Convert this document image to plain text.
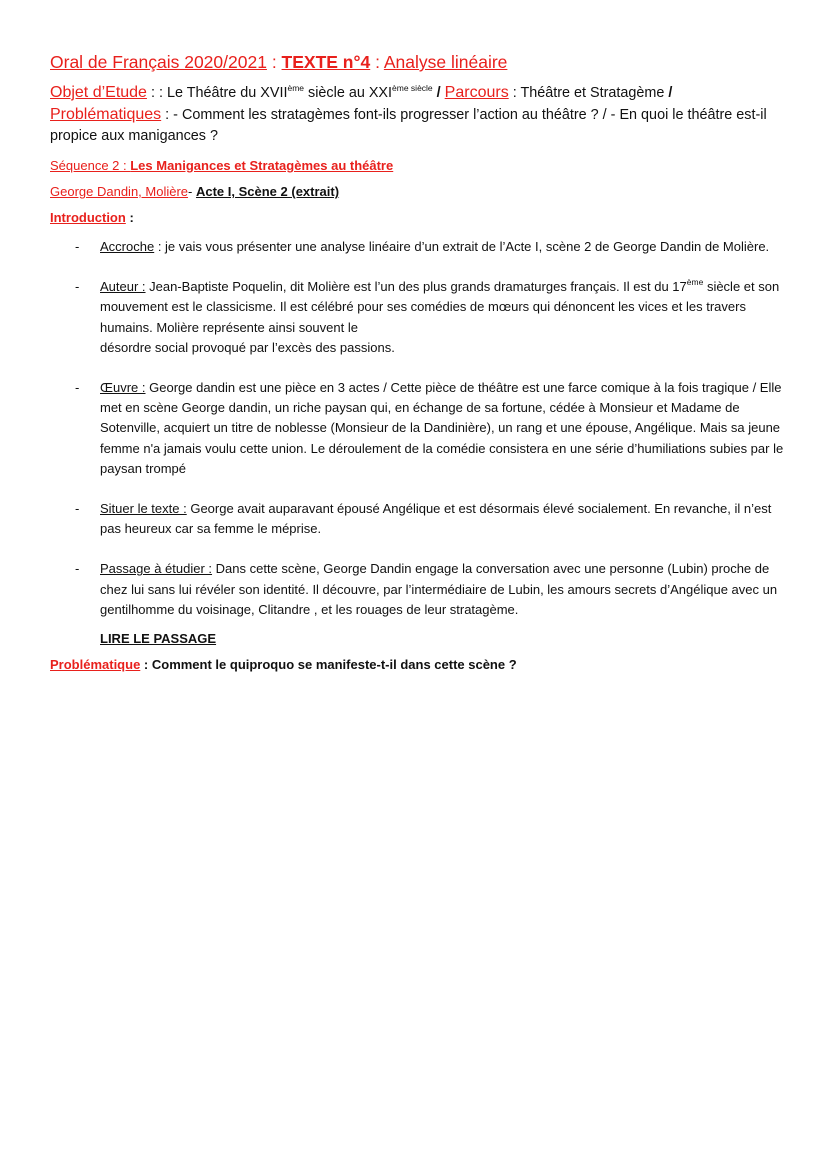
Oral de Français 2020/2021 : TEXTE n°4 : Analyse linéaire
Objet d’Etude : : Le Théâtre du XVIIème siècle au $XXI^{ème siècle}$ / Parcours : Théâtre et Stratagème /
Problématiques : - Comment les stratagèmes font-ils progresser l’action au théâtre ? / - En quoi le théâtre est-il propice aux manigances ?
Séquence 2 : Les Manigances et Stratagèmes au théâtre
George Dandin, Molière- Acte I, Scène 2 (extrait)
Introduction :
- Accroche : je vais vous présenter une analyse linéaire d’un extrait de l’Acte I, scène 2 de George Dandin de Molière.
- Auteur : Jean-Baptiste Poquelin, dit Molière est l’un des plus grands dramaturges français. Il est du 17ème siècle et son mouvement est le classicisme. Il est célébré pour ses comédies de mœurs qui dénoncent les vices et les travers humains. Molière représente ainsi souvent le
désordre social provoqué par l’excès des passions.
- Œuvre : George dandin est une pièce en 3 actes / Cette pièce de théâtre est une farce comique à la fois tragique / Elle met en scène George dandin, un riche paysan qui, en échange de sa fortune, cédée à Monsieur et Madame de Sotenville, acquiert un titre de noblesse (Monsieur de la Dandinière), un rang et une épouse, Angélique. Mais sa jeune femme n'a jamais voulu cette union. Le déroulement de la comédie consistera en une série d’humiliations subies par le paysan trompé
- Situer le texte : George avait auparavant épousé Angélique et est désormais élevé socialement. En revanche, il n’est pas heureux car sa femme le méprise.
- Passage à étudier : Dans cette scène, George Dandin engage la conversation avec une personne (Lubin) proche de chez lui sans lui révéler son identité. Il découvre, par l’intermédiaire de Lubin, les amours secrets d’Angélique avec un gentilhomme du voisinage, Clitandre , et les rouages de leur stratagème.
LIRE LE PASSAGE
Problématique : Comment le quiproquo se manifeste-t-il dans cette scène ?
